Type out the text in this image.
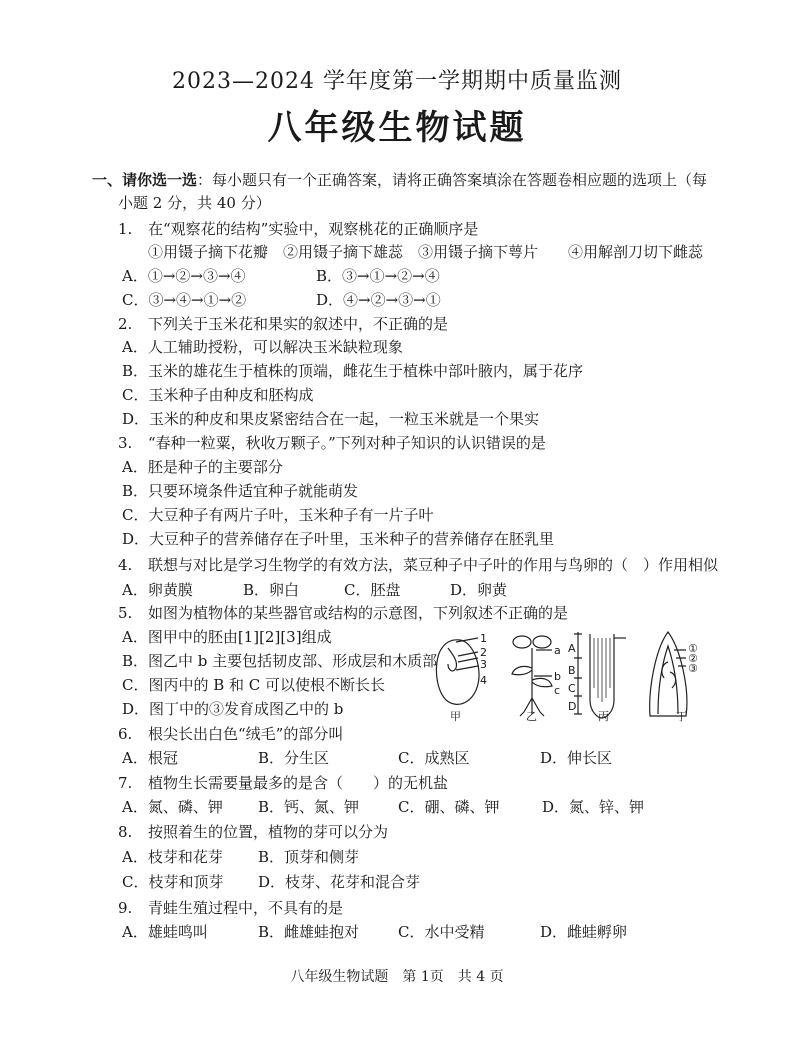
2023—2024 学年度第一学期期中质量监测
八年级生物试题
一、请你选一选：每小题只有一个正确答案，请将正确答案填涂在答题卷相应题的选项上（每
小题 2 分，共 40 分）
1. 在“观察花的结构”实验中，观察桃花的正确顺序是
①用镊子摘下花瓣　②用镊子摘下雄蕊　③用镊子摘下萼片　　④用解剖刀切下雌蕊
A．①→②→③→④	B．③→①→②→④
C．③→④→①→②	D．④→②→③→①
2. 下列关于玉米花和果实的叙述中，不正确的是
A．人工辅助授粉，可以解决玉米缺粒现象
B．玉米的雄花生于植株的顶端，雌花生于植株中部叶腋内，属于花序
C．玉米种子由种皮和胚构成
D．玉米的种皮和果皮紧密结合在一起，一粒玉米就是一个果实
3. “春种一粒粟，秋收万颗子。”下列对种子知识的认识错误的是
A．胚是种子的主要部分
B．只要环境条件适宜种子就能萌发
C．大豆种子有两片子叶，玉米种子有一片子叶
D．大豆种子的营养储存在子叶里，玉米种子的营养储存在胚乳里
4. 联想与对比是学习生物学的有效方法，菜豆种子中子叶的作用与鸟卵的（　）作用相似
A．卵黄膜	B．卵白	C．胚盘	D．卵黄
5. 如图为植物体的某些器官或结构的示意图，下列叙述不正确的是
A．图甲中的胚由[1][2][3]组成
B．图乙中 b 主要包括韧皮部、形成层和木质部
C．图丙中的 B 和 C 可以使根不断长长
D．图丁中的③发育成图乙中的 b
1
2
3
4
a
b
c
A
B
C
D
①
②
③
甲	乙	丙	丁
6. 根尖长出白色“绒毛”的部分叫
A．根冠	B．分生区	C．成熟区	D．伸长区
7. 植物生长需要量最多的是含（　　）的无机盐
A．氮、磷、钾 B．钙、氮、钾	C．硼、磷、钾	D．氮、锌、钾
8. 按照着生的位置，植物的芽可以分为
A．枝芽和花芽 B．顶芽和侧芽
C．枝芽和顶芽 D．枝芽、花芽和混合芽
9. 青蛙生殖过程中，不具有的是
A．雄蛙鸣叫	B．雌雄蛙抱对	C．水中受精	D．雌蛙孵卵
八年级生物试题　第 1页　共 4 页
